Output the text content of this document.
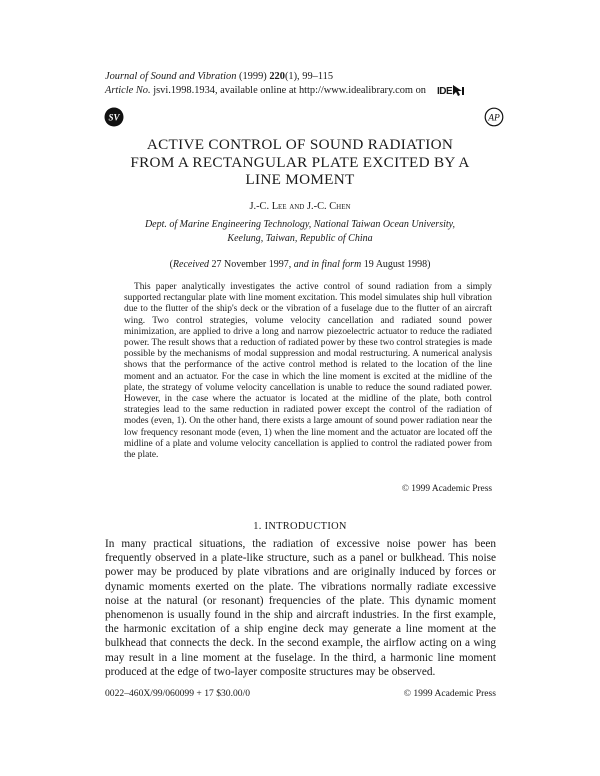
Journal of Sound and Vibration (1999) 220(1), 99–115
Article No. jsvi.1998.1934, available online at http://www.idealibrary.com on	IDE
SV	AP
ACTIVE CONTROL OF SOUND RADIATION
FROM A RECTANGULAR PLATE EXCITED BY A
LINE MOMENT
J.-C. Lee and J.-C. Chen
Dept. of Marine Engineering Technology, National Taiwan Ocean University,
Keelung, Taiwan, Republic of China
(Received 27 November 1997, and in final form 19 August 1998)
This paper analytically investigates the active control of sound radiation from a simply supported rectangular plate with line moment excitation. This model simulates ship hull vibration due to the flutter of the ship's deck or the vibration of a fuselage due to the flutter of an aircraft wing. Two control strategies, volume velocity cancellation and radiated sound power minimization, are applied to drive a long and narrow piezoelectric actuator to reduce the radiated power. The result shows that a reduction of radiated power by these two control strategies is made possible by the mechanisms of modal suppression and modal restructuring. A numerical analysis shows that the performance of the active control method is related to the location of the line moment and an actuator. For the case in which the line moment is excited at the midline of the plate, the strategy of volume velocity cancellation is unable to reduce the sound radiated power. However, in the case where the actuator is located at the midline of the plate, both control strategies lead to the same reduction in radiated power except the control of the radiation of modes (even, 1). On the other hand, there exists a large amount of sound power radiation near the low frequency resonant mode (even, 1) when the line moment and the actuator are located off the midline of a plate and volume velocity cancellation is applied to control the radiated power from the plate.
© 1999 Academic Press
1. INTRODUCTION
In many practical situations, the radiation of excessive noise power has been frequently observed in a plate-like structure, such as a panel or bulkhead. This noise power may be produced by plate vibrations and are originally induced by forces or dynamic moments exerted on the plate. The vibrations normally radiate excessive noise at the natural (or resonant) frequencies of the plate. This dynamic moment phenomenon is usually found in the ship and aircraft industries. In the first example, the harmonic excitation of a ship engine deck may generate a line moment at the bulkhead that connects the deck. In the second example, the airflow acting on a wing may result in a line moment at the fuselage. In the third, a harmonic line moment produced at the edge of two-layer composite structures may be observed.
0022–460X/99/060099 + 17 $30.00/0	© 1999 Academic Press
